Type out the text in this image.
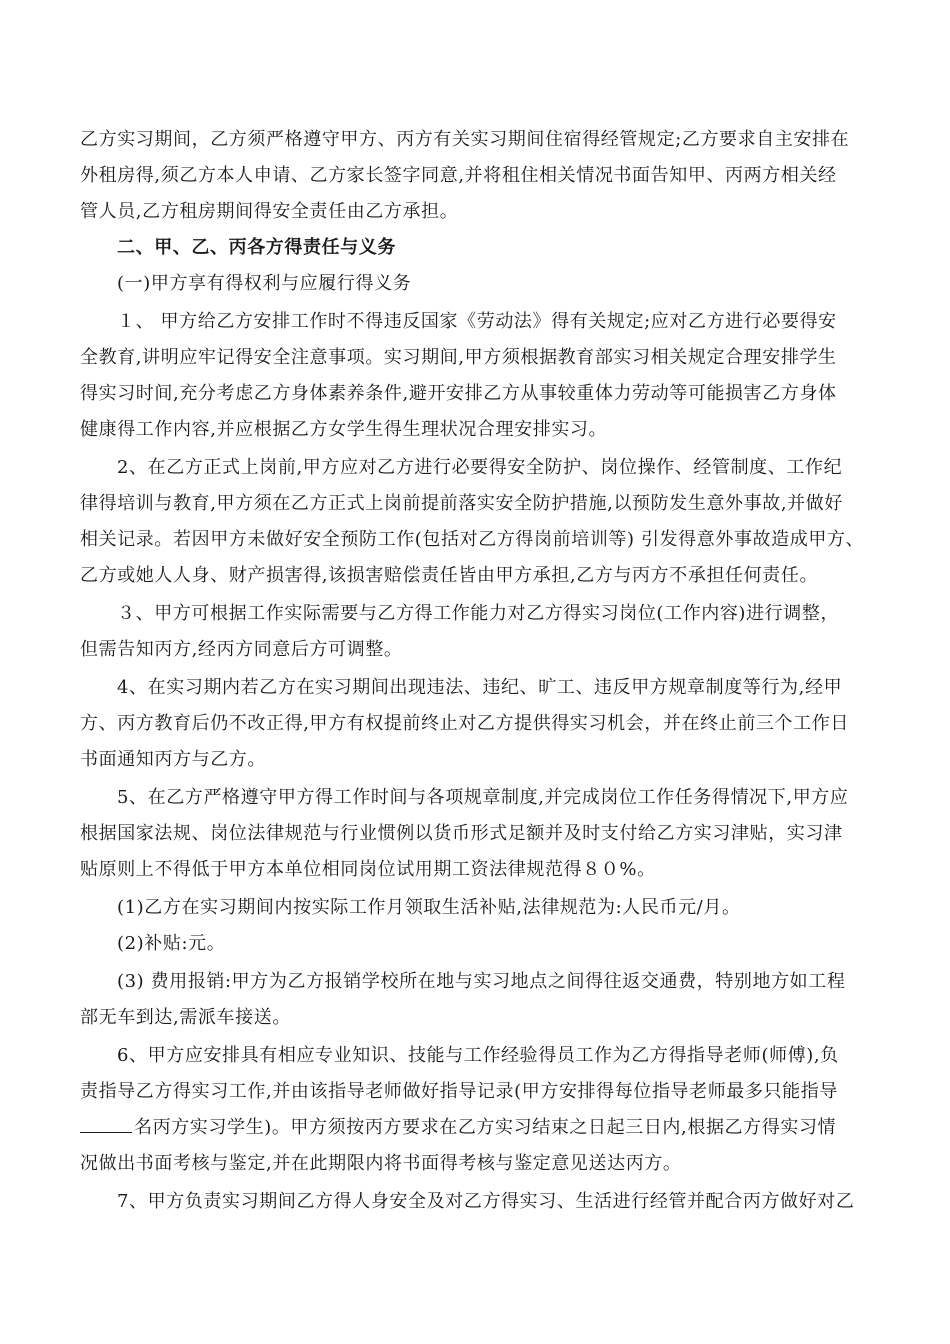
乙方实习期间，乙方须严格遵守甲方、丙方有关实习期间住宿得经管规定;乙方要求自主安排在
外租房得,须乙方本人申请、乙方家长签字同意,并将租住相关情况书面告知甲、丙两方相关经
管人员,乙方租房期间得安全责任由乙方承担。
二、甲、乙、丙各方得责任与义务
(一)甲方享有得权利与应履行得义务
１、 甲方给乙方安排工作时不得违反国家《劳动法》得有关规定;应对乙方进行必要得安
全教育,讲明应牢记得安全注意事项。实习期间,甲方须根据教育部实习相关规定合理安排学生
得实习时间,充分考虑乙方身体素养条件,避开安排乙方从事较重体力劳动等可能损害乙方身体
健康得工作内容,并应根据乙方女学生得生理状况合理安排实习。
2、在乙方正式上岗前,甲方应对乙方进行必要得安全防护、岗位操作、经管制度、工作纪
律得培训与教育,甲方须在乙方正式上岗前提前落实安全防护措施,以预防发生意外事故,并做好
相关记录。若因甲方未做好安全预防工作(包括对乙方得岗前培训等) 引发得意外事故造成甲方、
乙方或她人人身、财产损害得,该损害赔偿责任皆由甲方承担,乙方与丙方不承担任何责任。
３、甲方可根据工作实际需要与乙方得工作能力对乙方得实习岗位(工作内容)进行调整，
但需告知丙方,经丙方同意后方可调整。
4、在实习期内若乙方在实习期间出现违法、违纪、旷工、违反甲方规章制度等行为,经甲
方、丙方教育后仍不改正得,甲方有权提前终止对乙方提供得实习机会，并在终止前三个工作日
书面通知丙方与乙方。
5、在乙方严格遵守甲方得工作时间与各项规章制度,并完成岗位工作任务得情况下,甲方应
根据国家法规、岗位法律规范与行业惯例以货币形式足额并及时支付给乙方实习津贴，实习津
贴原则上不得低于甲方本单位相同岗位试用期工资法律规范得８０%。
(1)乙方在实习期间内按实际工作月领取生活补贴,法律规范为:人民币元/月。
(2)补贴:元。
(3) 费用报销:甲方为乙方报销学校所在地与实习地点之间得往返交通费，特别地方如工程
部无车到达,需派车接送。
6、甲方应安排具有相应专业知识、技能与工作经验得员工作为乙方得指导老师(师傅),负
责指导乙方得实习工作,并由该指导老师做好指导记录(甲方安排得每位指导老师最多只能指导
名丙方实习学生)。甲方须按丙方要求在乙方实习结束之日起三日内,根据乙方得实习情
况做出书面考核与鉴定,并在此期限内将书面得考核与鉴定意见送达丙方。
7、甲方负责实习期间乙方得人身安全及对乙方得实习、生活进行经管并配合丙方做好对乙
